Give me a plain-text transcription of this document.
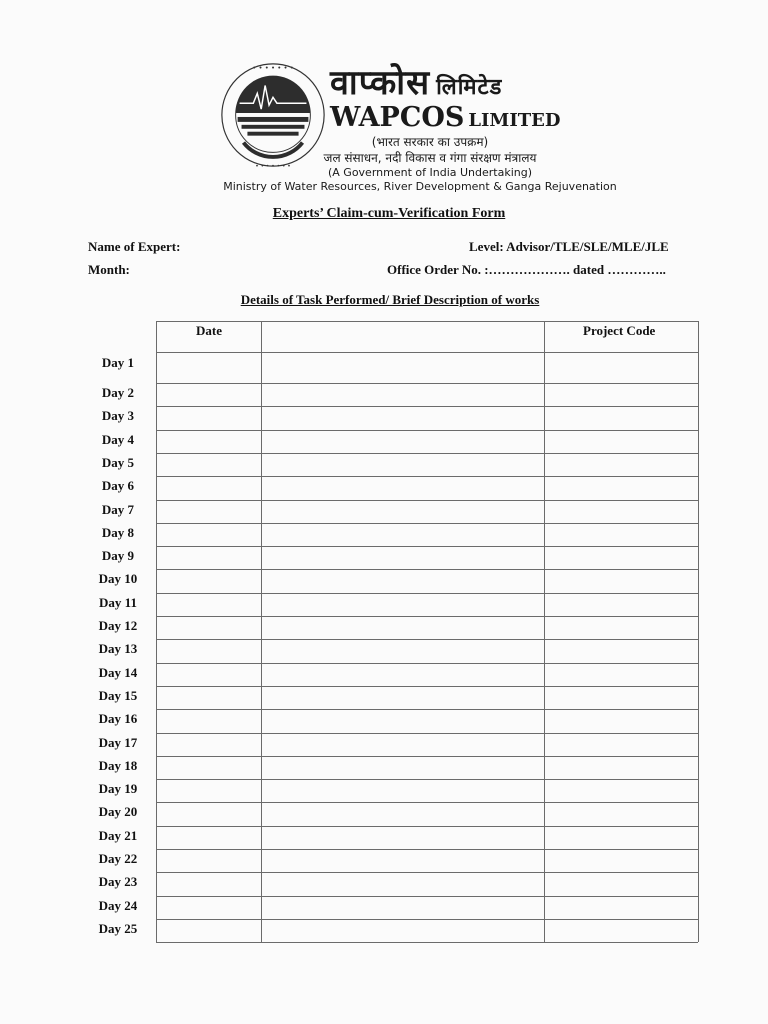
• • • • • • •
• • • • • • •
वाप्कोस लिमिटेड
WAPCOS LIMITED
(भारत सरकार का उपक्रम)
जल संसाधन, नदी विकास व गंगा संरक्षण मंत्रालय
(A Government of India Undertaking)
Ministry of Water Resources, River Development & Ganga Rejuvenation
Experts’ Claim-cum-Verification Form
Name of Expert:	Level: Advisor/TLE/SLE/MLE/JLE
Month:	Office Order No. :………………. dated …………..
Details of Task Performed/ Brief Description of works
Date	Project Code
Day 1
Day 2
Day 3
Day 4
Day 5
Day 6
Day 7
Day 8
Day 9
Day 10
Day 11
Day 12
Day 13
Day 14
Day 15
Day 16
Day 17
Day 18
Day 19
Day 20
Day 21
Day 22
Day 23
Day 24
Day 25
